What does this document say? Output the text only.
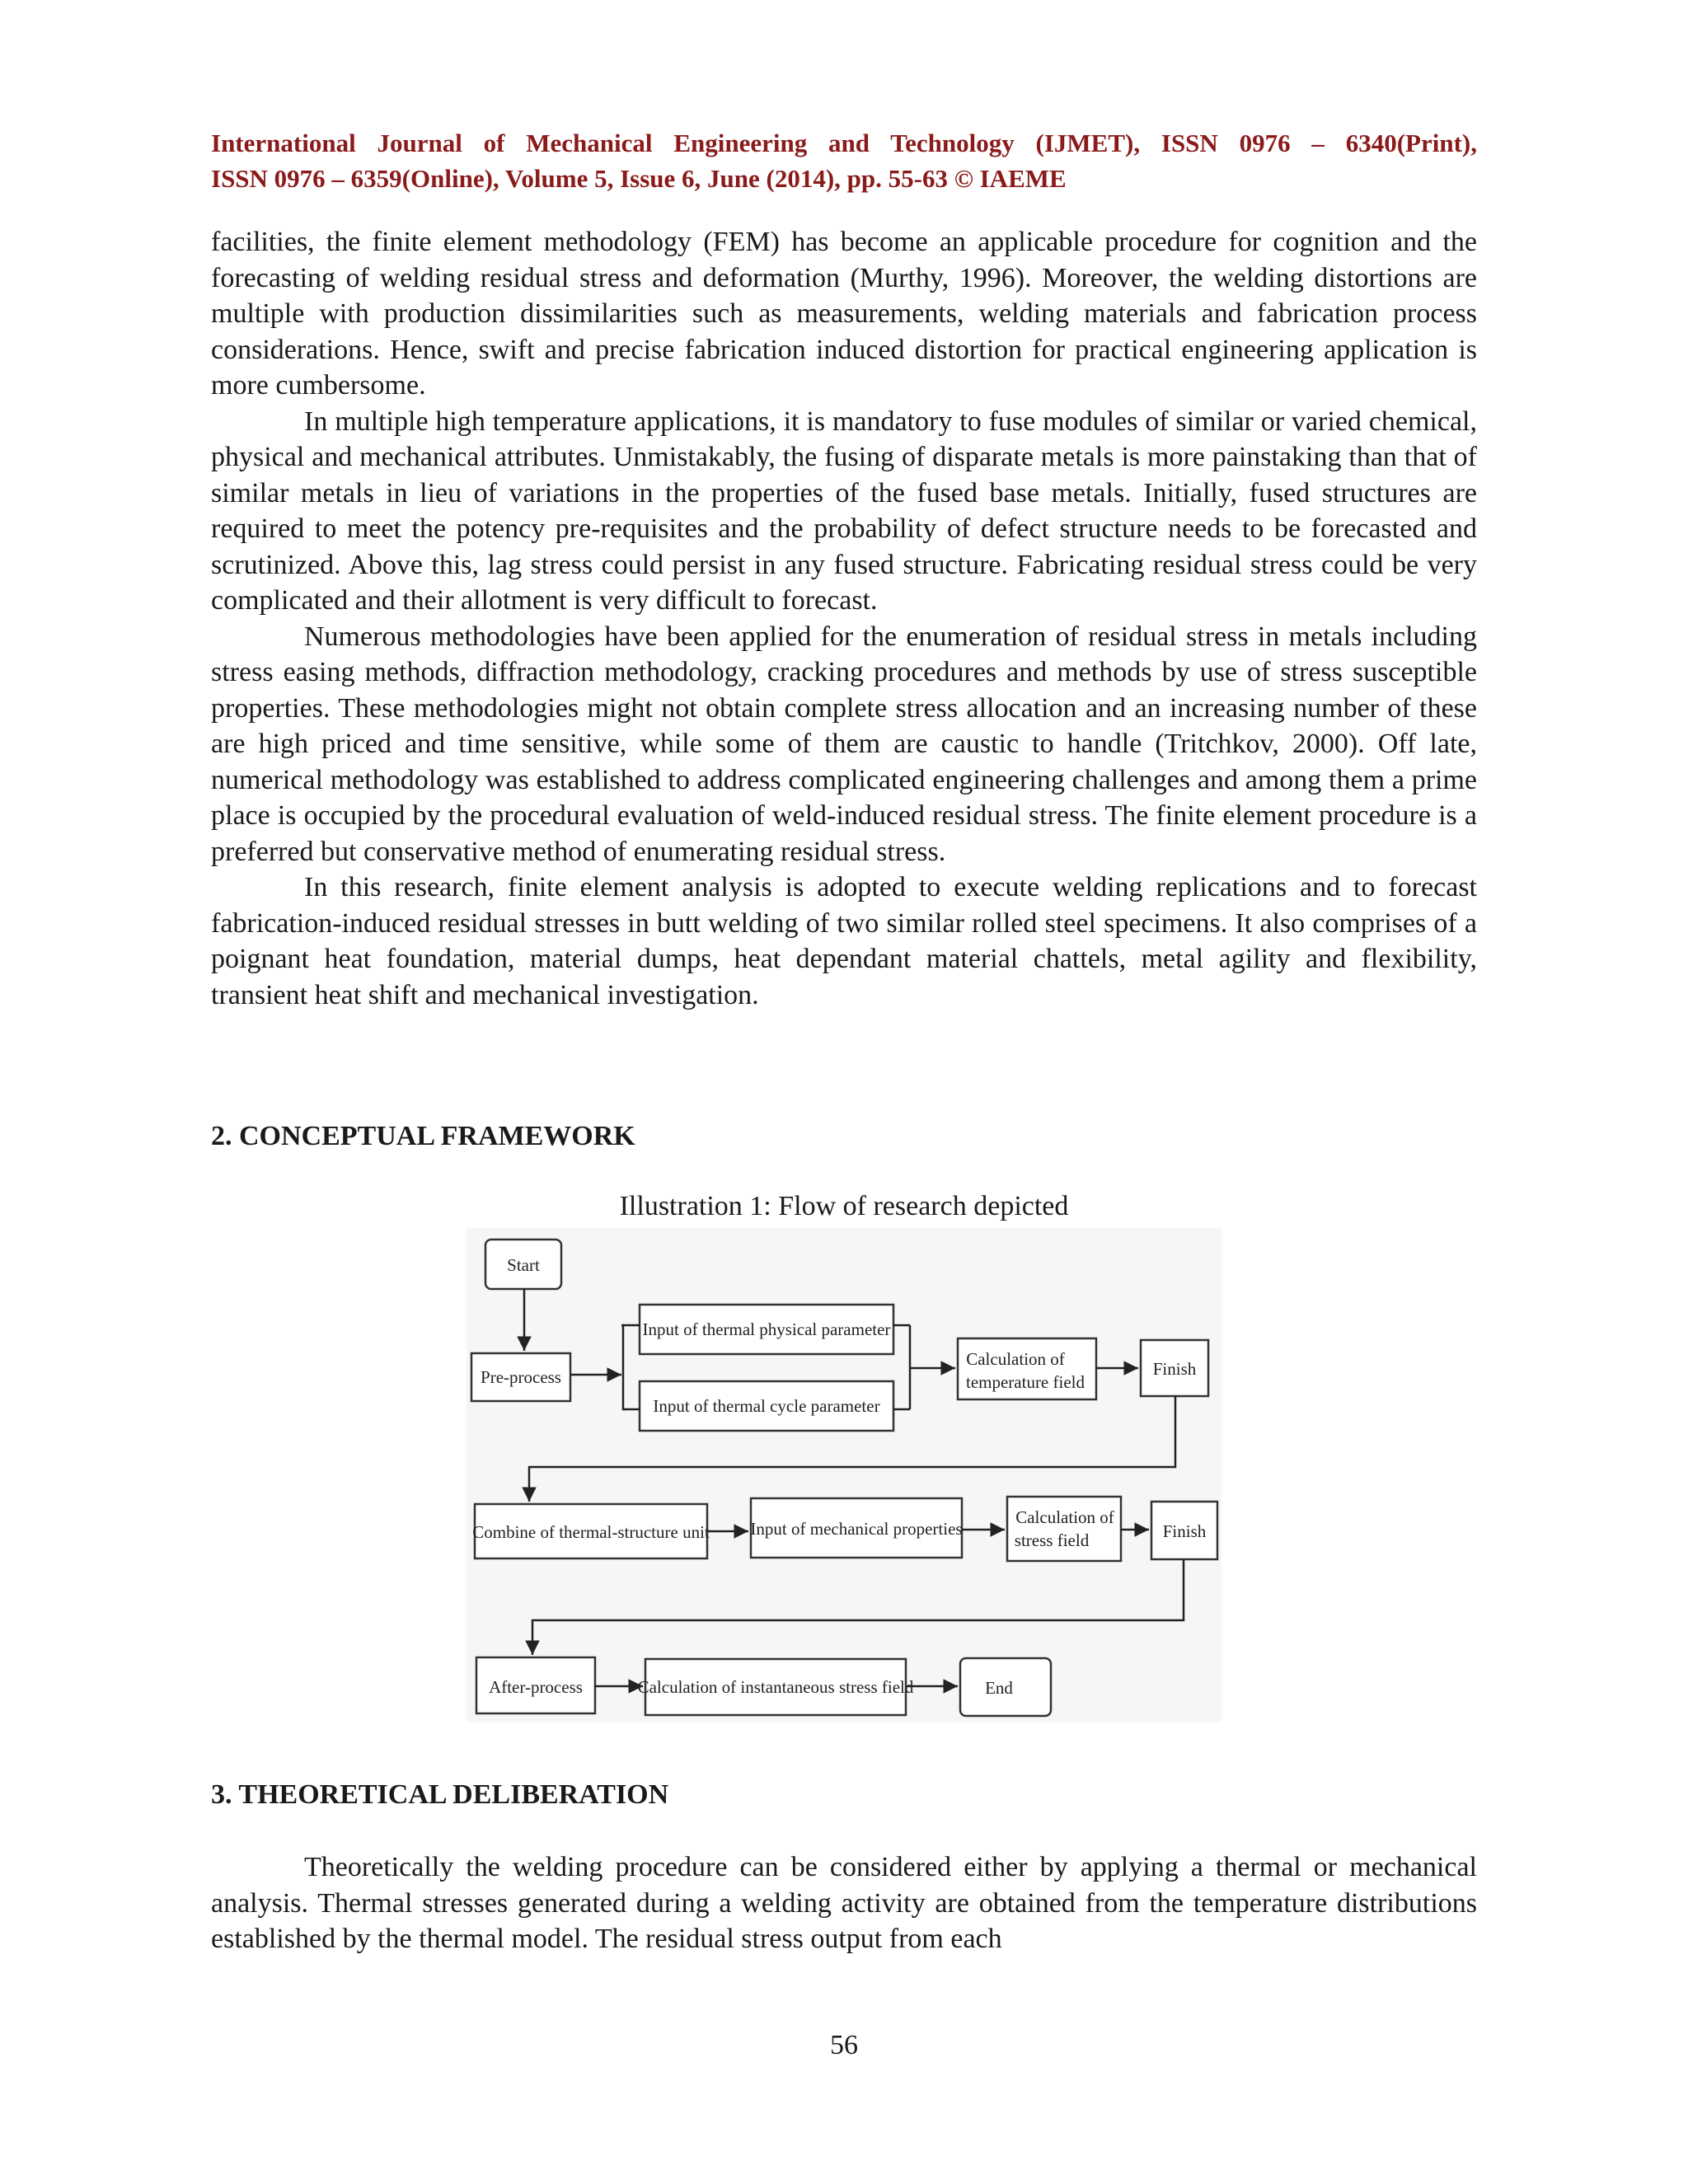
International Journal of Mechanical Engineering and Technology (IJMET), ISSN 0976 – 6340(Print),
ISSN 0976 – 6359(Online), Volume 5, Issue 6, June (2014), pp. 55-63 © IAEME

facilities, the finite element methodology (FEM) has become an applicable procedure for cognition and the forecasting of welding residual stress and deformation (Murthy, 1996). Moreover, the welding distortions are multiple with production dissimilarities such as measurements, welding materials and fabrication process considerations. Hence, swift and precise fabrication induced distortion for practical engineering application is more cumbersome.

In multiple high temperature applications, it is mandatory to fuse modules of similar or varied chemical, physical and mechanical attributes. Unmistakably, the fusing of disparate metals is more painstaking than that of similar metals in lieu of variations in the properties of the fused base metals. Initially, fused structures are required to meet the potency pre-requisites and the probability of defect structure needs to be forecasted and scrutinized. Above this, lag stress could persist in any fused structure. Fabricating residual stress could be very complicated and their allotment is very difficult to forecast.

Numerous methodologies have been applied for the enumeration of residual stress in metals including stress easing methods, diffraction methodology, cracking procedures and methods by use of stress susceptible properties. These methodologies might not obtain complete stress allocation and an increasing number of these are high priced and time sensitive, while some of them are caustic to handle (Tritchkov, 2000). Off late, numerical methodology was established to address complicated engineering challenges and among them a prime place is occupied by the procedural evaluation of weld-induced residual stress. The finite element procedure is a preferred but conservative method of enumerating residual stress.

In this research, finite element analysis is adopted to execute welding replications and to forecast fabrication-induced residual stresses in butt welding of two similar rolled steel specimens. It also comprises of a poignant heat foundation, material dumps, heat dependant material chattels, metal agility and flexibility, transient heat shift and mechanical investigation.

2. CONCEPTUAL FRAMEWORK
Illustration 1: Flow of research depicted
Start
Pre-process
Input of thermal physical parameter
Input of thermal cycle parameter
Calculation of
temperature field
Finish
Combine of thermal-structure unit Input of mechanical properties
Calculation of
stress field	Finish
After-process	Calculation of instantaneous stress field	End
3. THEORETICAL DELIBERATION

Theoretically the welding procedure can be considered either by applying a thermal or mechanical analysis. Thermal stresses generated during a welding activity are obtained from the temperature distributions established by the thermal model. The residual stress output from each

56
